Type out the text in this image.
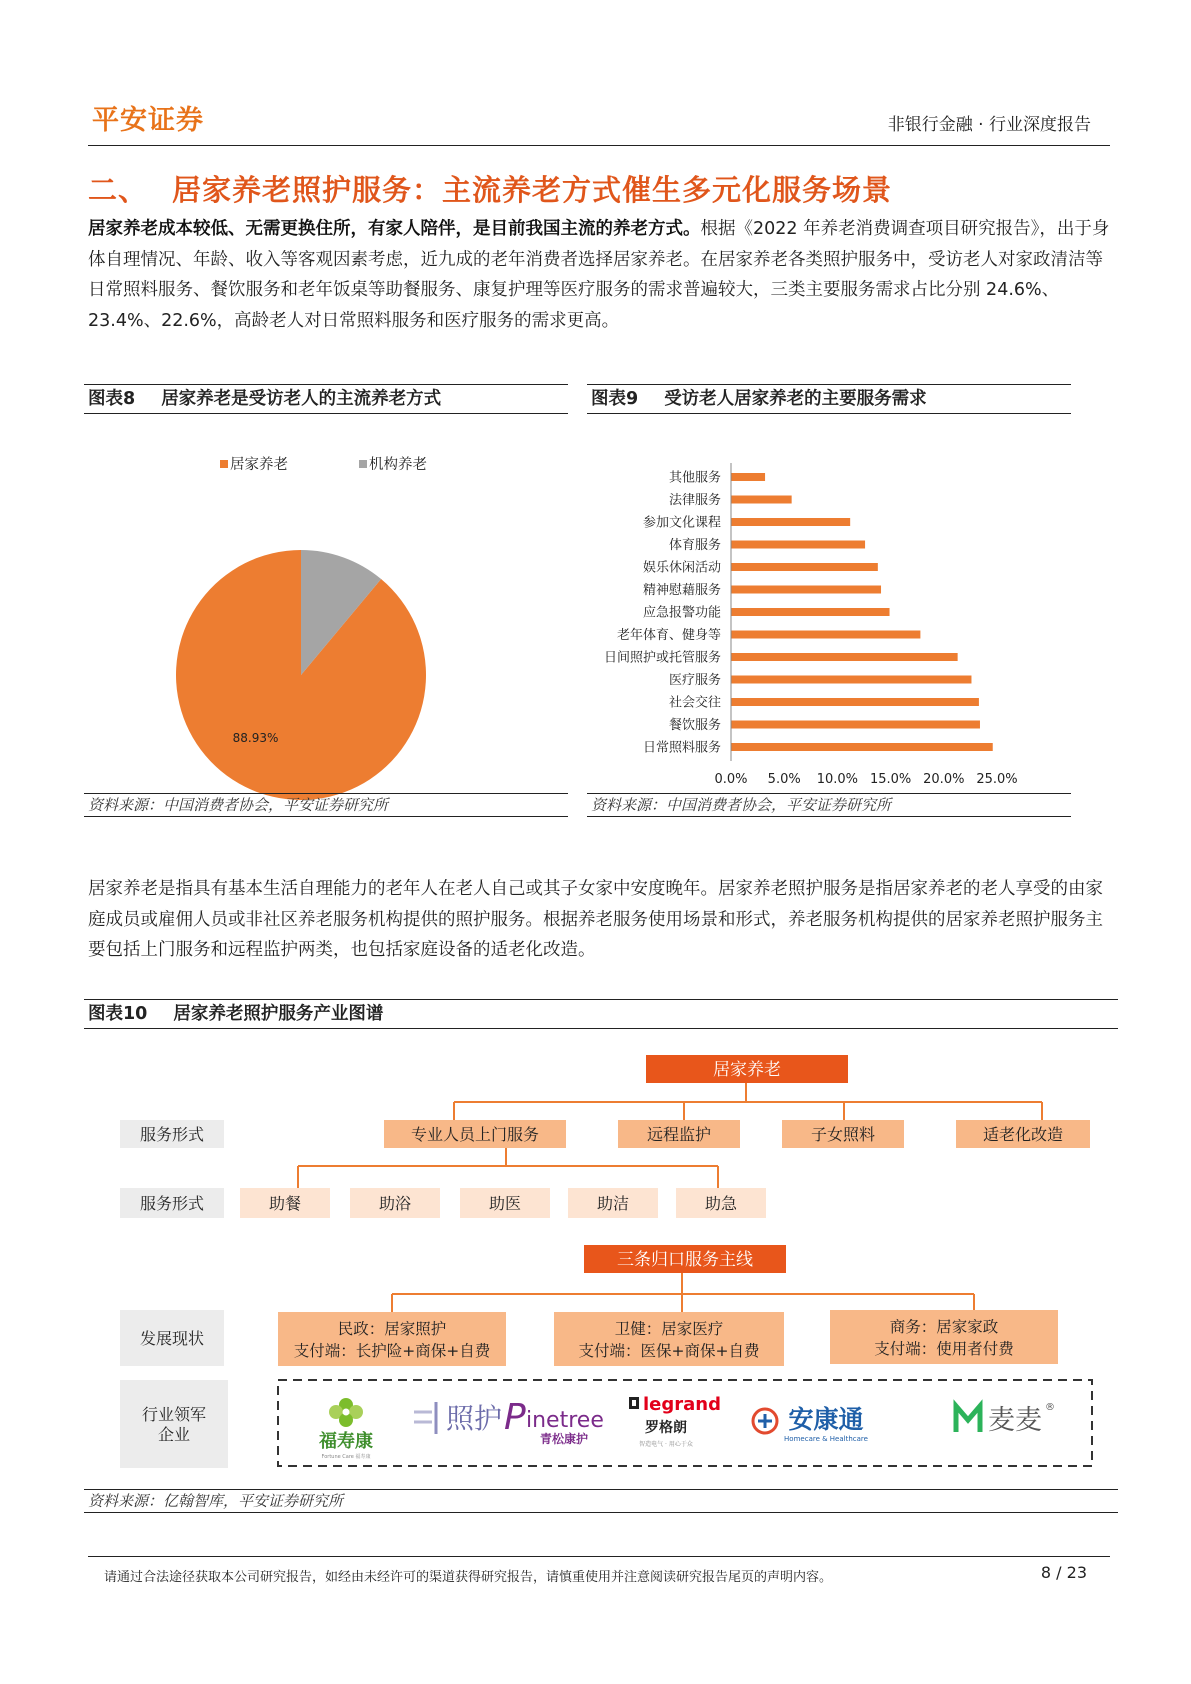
平安证券	非银行金融 · 行业深度报告
二、 居家养老照护服务：主流养老方式催生多元化服务场景
居家养老成本较低、无需更换住所，有家人陪伴，是目前我国主流的养老方式。根据《2022 年养老消费调查项目研究报告》，出于身体自理情况、年龄、收入等客观因素考虑，近九成的老年消费者选择居家养老。在居家养老各类照护服务中，受访老人对家政清洁等日常照料服务、餐饮服务和老年饭桌等助餐服务、康复护理等医疗服务的需求普遍较大，三类主要服务需求占比分别 24.6%、23.4%、22.6%，高龄老人对日常照料服务和医疗服务的需求更高。
图表8 居家养老是受访老人的主流养老方式	图表9 受访老人居家养老的主要服务需求
居家养老	机构养老
88.93%
其他服务
法律服务
参加文化课程
体育服务
娱乐休闲活动
精神慰藉服务
应急报警功能
老年体育、健身等
日间照护或托管服务
医疗服务
社会交往
餐饮服务
日常照料服务
0.0% 5.0% 10.0% 15.0% 20.0% 25.0%
资料来源：中国消费者协会，平安证券研究所	资料来源：中国消费者协会，平安证券研究所
居家养老是指具有基本生活自理能力的老年人在老人自己或其子女家中安度晚年。居家养老照护服务是指居家养老的老人享受的由家庭成员或雇佣人员或非社区养老服务机构提供的照护服务。根据养老服务使用场景和形式，养老服务机构提供的居家养老照护服务主要包括上门服务和远程监护两类，也包括家庭设备的适老化改造。
图表10 居家养老照护服务产业图谱
居家养老
服务形式
服务形式
发展现状
行业领军
企业
专业人员上门服务	远程监护	子女照料	适老化改造
助餐	助浴	助医	助洁	助急
三条归口服务主线
民政：居家照护
支付端：长护险+商保+自费
卫健：居家医疗
支付端：医保+商保+自费
商务：居家家政
支付端：使用者付费
福寿康
Fortune Care 福寿康
照护 P inetree
青松康护
legrand
罗格朗
智造电气 · 用心于众
安康通
Homecare & Healthcare
麦麦 ®
资料来源：亿翰智库，平安证券研究所
请通过合法途径获取本公司研究报告，如经由未经许可的渠道获得研究报告，请慎重使用并注意阅读研究报告尾页的声明内容。	8 / 23
